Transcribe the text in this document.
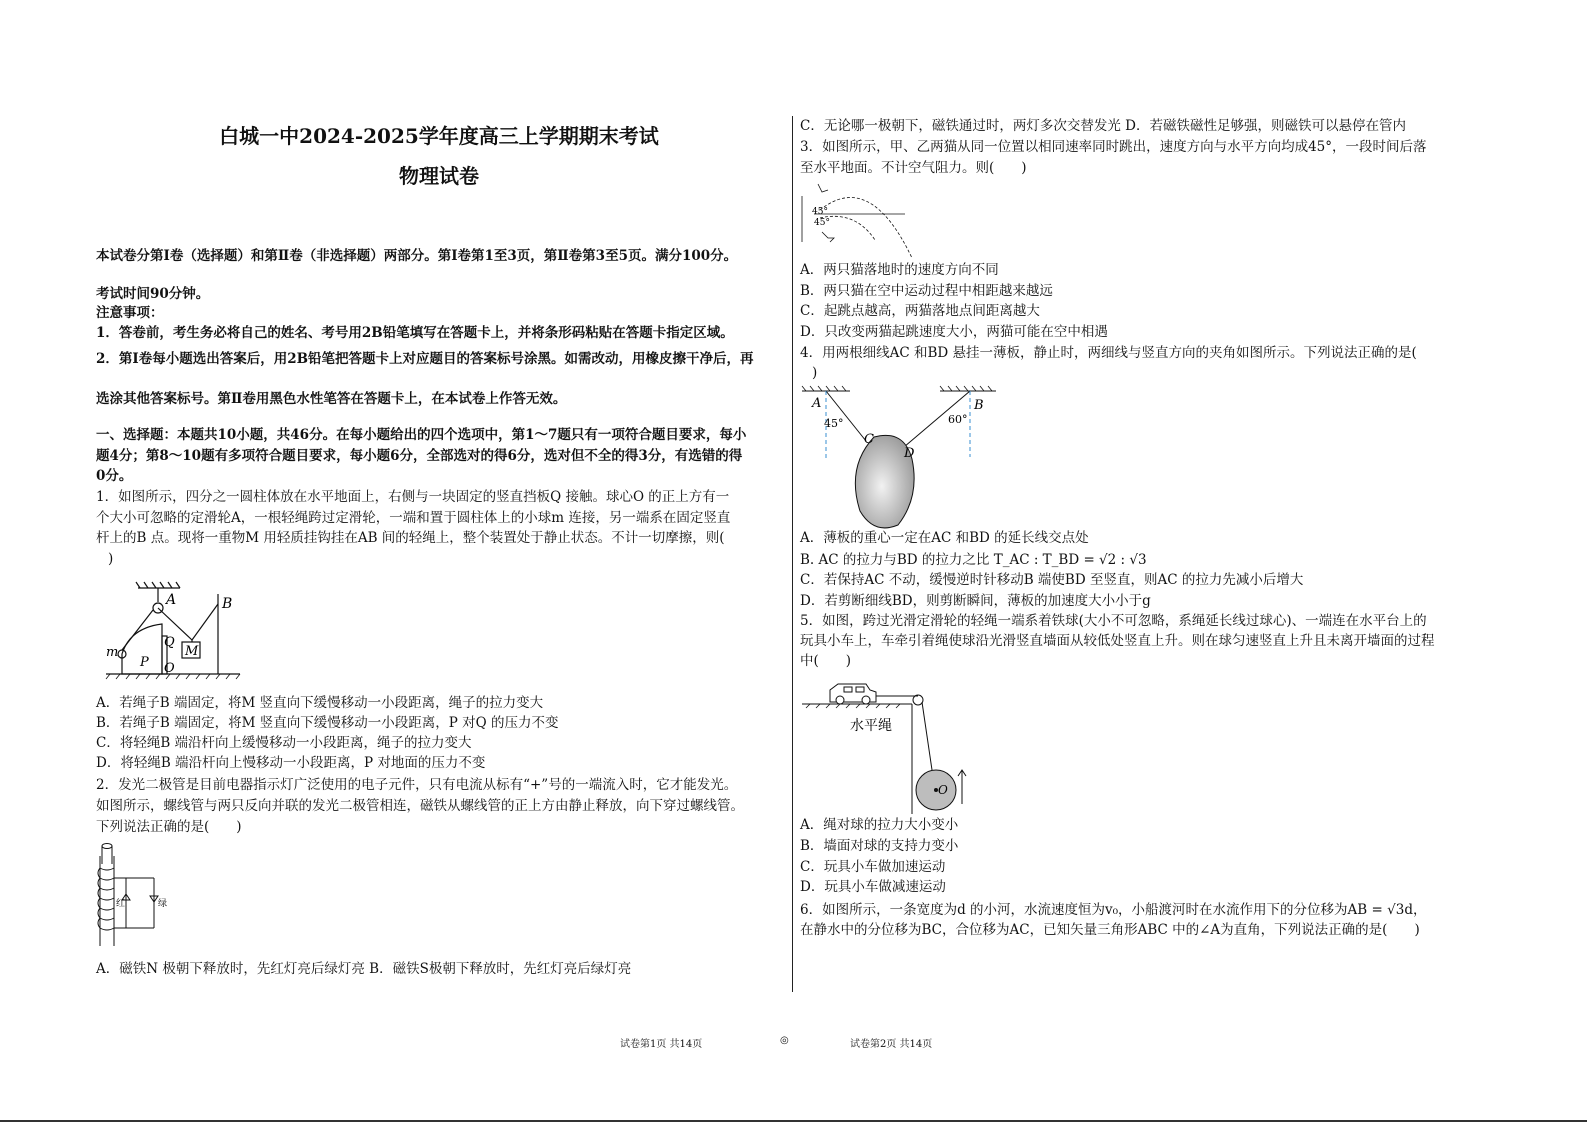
白城一中2024-2025学年度高三上学期期末考试
物理试卷
本试卷分第Ⅰ卷（选择题）和第Ⅱ卷（非选择题）两部分。第Ⅰ卷第1至3页，第Ⅱ卷第3至5页。满分100分。
考试时间90分钟。
注意事项：
1．答卷前，考生务必将自己的姓名、考号用2B铅笔填写在答题卡上，并将条形码粘贴在答题卡指定区域。
2．第Ⅰ卷每小题选出答案后，用2B铅笔把答题卡上对应题目的答案标号涂黑。如需改动，用橡皮擦干净后，再
选涂其他答案标号。第Ⅱ卷用黑色水性笔答在答题卡上，在本试卷上作答无效。
一、选择题：本题共10小题，共46分。在每小题给出的四个选项中，第1～7题只有一项符合题目要求，每小
题4分；第8～10题有多项符合题目要求，每小题6分，全部选对的得6分，选对但不全的得3分，有选错的得
0分。
1．如图所示，四分之一圆柱体放在水平地面上，右侧与一块固定的竖直挡板Q 接触。球心O 的正上方有一
个大小可忽略的定滑轮A，一根轻绳跨过定滑轮，一端和置于圆柱体上的小球m 连接，另一端系在固定竖直
杆上的B 点。现将一重物M 用轻质挂钩挂在AB 间的轻绳上，整个装置处于静止状态。不计一切摩擦，则(
)
A	B
Q
M
m
P O
A．若绳子B 端固定，将M 竖直向下缓慢移动一小段距离，绳子的拉力变大
B．若绳子B 端固定，将M 竖直向下缓慢移动一小段距离，P 对Q 的压力不变
C．将轻绳B 端沿杆向上缓慢移动一小段距离，绳子的拉力变大
D．将轻绳B 端沿杆向上慢移动一小段距离，P 对地面的压力不变
2．发光二极管是目前电器指示灯广泛使用的电子元件，只有电流从标有“+”号的一端流入时，它才能发光。
如图所示，螺线管与两只反向并联的发光二极管相连，磁铁从螺线管的正上方由静止释放，向下穿过螺线管。
下列说法正确的是(　　)
红	绿
A．磁铁N 极朝下释放时，先红灯亮后绿灯亮 B．磁铁S极朝下释放时，先红灯亮后绿灯亮
C．无论哪一极朝下，磁铁通过时，两灯多次交替发光 D．若磁铁磁性足够强，则磁铁可以悬停在管内
3．如图所示，甲、乙两猫从同一位置以相同速率同时跳出，速度方向与水平方向均成45°，一段时间后落
至水平地面。不计空气阻力。则(　　)
45°
45°
A．两只猫落地时的速度方向不同
B．两只猫在空中运动过程中相距越来越远
C．起跳点越高，两猫落地点间距离越大
D．只改变两猫起跳速度大小，两猫可能在空中相遇
4．用两根细线AC 和BD 悬挂一薄板，静止时，两细线与竖直方向的夹角如图所示。下列说法正确的是(
)
A	B
C
D
45°	60°
A．薄板的重心一定在AC 和BD 的延长线交点处
B. AC 的拉力与BD 的拉力之比 T_AC : T_BD = √2 : √3
C．若保持AC 不动，缓慢逆时针移动B 端使BD 至竖直，则AC 的拉力先减小后增大
D．若剪断细线BD，则剪断瞬间，薄板的加速度大小小于g
5．如图，跨过光滑定滑轮的轻绳一端系着铁球(大小不可忽略，系绳延长线过球心)、一端连在水平台上的
玩具小车上，车牵引着绳使球沿光滑竖直墙面从较低处竖直上升。则在球匀速竖直上升且未离开墙面的过程
中(　　)
水平绳
O
A．绳对球的拉力大小变小
B．墙面对球的支持力变小
C．玩具小车做加速运动
D．玩具小车做减速运动
6．如图所示，一条宽度为d 的小河，水流速度恒为v₀，小船渡河时在水流作用下的分位移为AB = √3d，
在静水中的分位移为BC，合位移为AC，已知矢量三角形ABC 中的∠A为直角，下列说法正确的是(　　)
试卷第1页 共14页	◎	试卷第2页 共14页
